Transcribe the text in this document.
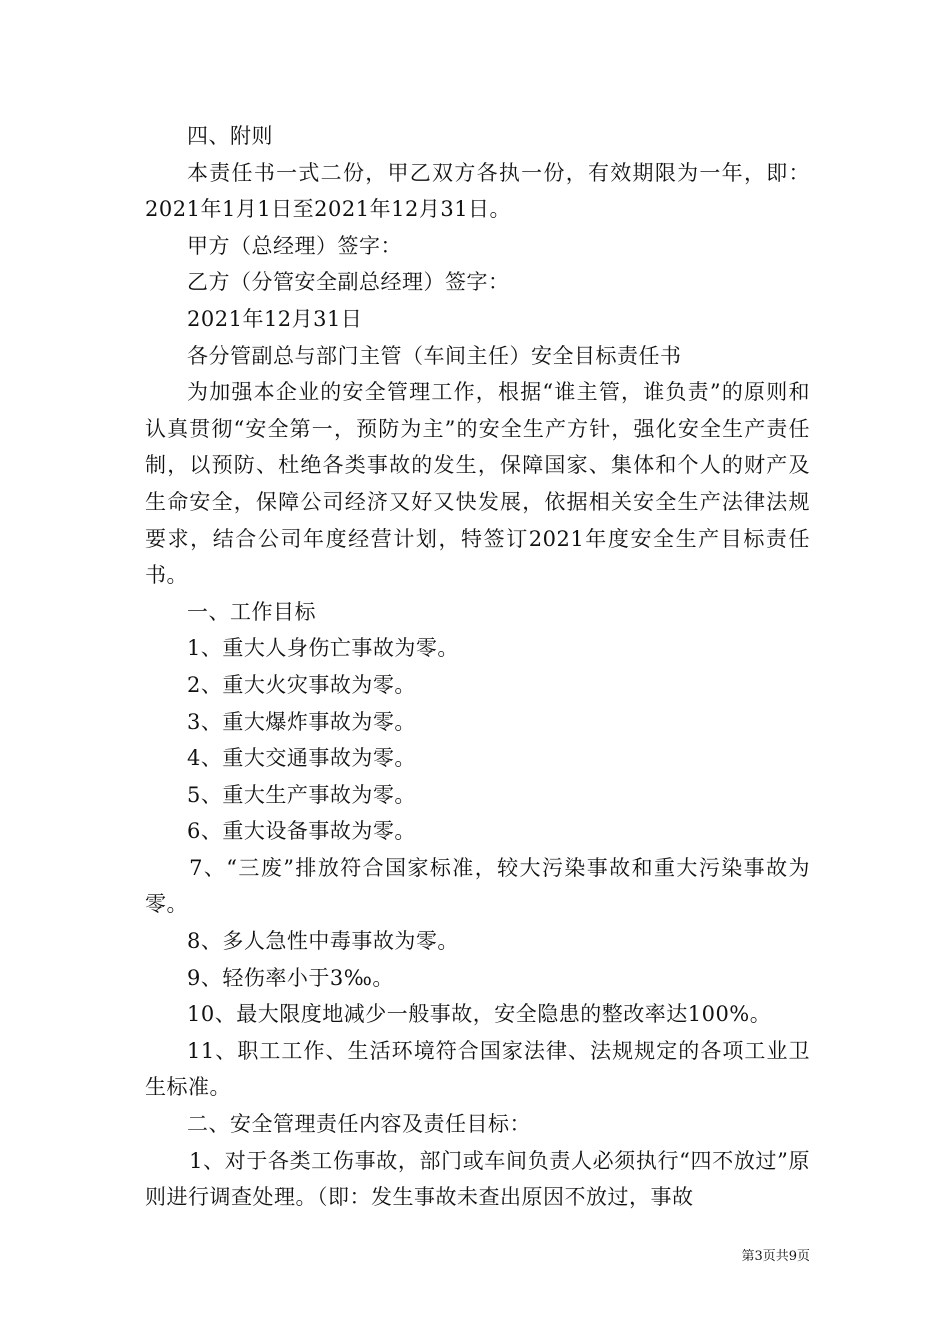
四、附则

本责任书一式二份，甲乙双方各执一份，有效期限为一年，即：2021年1月1日至2021年12月31日。

甲方（总经理）签字：

乙方（分管安全副总经理）签字：

2021年12月31日

各分管副总与部门主管（车间主任）安全目标责任书

为加强本企业的安全管理工作，根据“谁主管，谁负责”的原则和认真贯彻“安全第一，预防为主”的安全生产方针，强化安全生产责任制，以预防、杜绝各类事故的发生，保障国家、集体和个人的财产及生命安全，保障公司经济又好又快发展，依据相关安全生产法律法规要求，结合公司年度经营计划，特签订2021年度安全生产目标责任书。

一、工作目标

1、重大人身伤亡事故为零。

2、重大火灾事故为零。

3、重大爆炸事故为零。

4、重大交通事故为零。

5、重大生产事故为零。

6、重大设备事故为零。

7、“三废”排放符合国家标准，较大污染事故和重大污染事故为零。

8、多人急性中毒事故为零。

9、轻伤率小于3‰。

10、最大限度地减少一般事故，安全隐患的整改率达100%。

11、职工工作、生活环境符合国家法律、法规规定的各项工业卫生标准。

二、安全管理责任内容及责任目标：

1、对于各类工伤事故，部门或车间负责人必须执行“四不放过”原则进行调查处理。（即：发生事故未查出原因不放过，事故

第3页共9页
